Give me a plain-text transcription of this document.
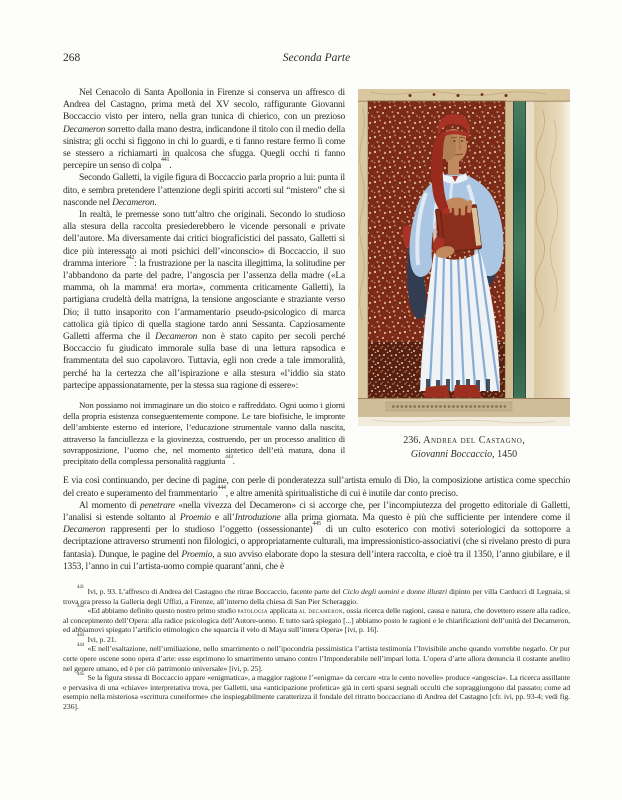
268	Seconda Parte
236. Andrea del Castagno,
Giovanni Boccaccio, 1450

Nel Cenacolo di Santa Apollonia in Firenze si conserva un affresco di Andrea del Castagno, prima metà del XV secolo, raffigurante Giovanni Boccaccio visto per intero, nella gran tunica di chierico, con un prezioso Decameron sorretto dalla mano destra, indicandone il titolo con il medio della sinistra; gli occhi si figgono in chi lo guardi, e ti fanno restare fermo lì come se stessero a richiamarti in qualcosa che sfugga. Quegli occhi ti fanno percepire un senso di colpa$^{441}$.

Secondo Galletti, la vigile figura di Boccaccio parla proprio a lui: punta il dito, e sembra pretendere l’attenzione degli spiriti accorti sul “mistero” che si nasconde nel Decameron.

In realtà, le premesse sono tutt’altro che originali. Secondo lo studioso alla stesura della raccolta presiederebbero le vicende personali e private dell’autore. Ma diversamente dai critici biograficistici del passato, Galletti si dice più interessato ai moti psichici dell’«inconscio» di Boccaccio, il suo dramma interiore$^{442}$: la frustrazione per la nascita illegittima, la solitudine per l’abbandono da parte del padre, l’angoscia per l’assenza della madre («La mamma, oh la mamma! era morta», commenta criticamente Galletti), la partigiana crudeltà della matrigna, la tensione angosciante e straziante verso Dio; il tutto insaporito con l’armamentario pseudo-psicologico di marca cattolica già tipico di quella stagione tardo anni Sessanta. Capziosamente Galletti afferma che il Decameron non è stato capito per secoli perché Boccaccio fu giudicato immorale sulla base di una lettura rapsodica e frammentata del suo capolavoro. Tuttavia, egli non crede a tale immoralità, perché ha la certezza che all’ispirazione e alla stesura «l’iddio sia stato partecipe appassionatamente, per la stessa sua ragione di essere»:

Non possiamo noi immaginare un dio stoico e raffreddato. Ogni uomo i giorni della propria esistenza conseguentemente compone. Le tare biofisiche, le impronte dell’ambiente esterno ed interiore, l’educazione strumentale vanno dalla nascita, attraverso la fanciullezza e la giovinezza, costruendo, per un processo analitico di sovrapposizione, l’uomo che, nel momento sintetico dell’età matura, dona il precipitato della complessa personalità raggiunta$^{443}$.

E via così continuando, per decine di pagine, con perle di ponderatezza sull’artista emulo di Dio, la composizione artistica come specchio del creato e superamento del frammentario$^{444}$, e altre amenità spiritualistiche di cui è inutile dar conto preciso.

Al momento di penetrare «nella vivezza del Decameron» ci si accorge che, per l’incompiutezza del progetto editoriale di Galletti, l’analisi si estende soltanto al Proemio e all’Introduzione alla prima giornata. Ma questo è più che sufficiente per intendere come il Decameron rappresenti per lo studioso l’oggetto (ossessionante)$^{445}$ di un culto esoterico con motivi soteriologici da sottoporre a decriptazione attraverso strumenti non filologici, o appropriatamente culturali, ma impressionistico-associativi (che si rivelano presto di pura fantasia). Dunque, le pagine del Proemio, a suo avviso elaborate dopo la stesura dell’intera raccolta, e cioè tra il 1350, l’anno giubilare, e il 1353, l’anno in cui l’artista-uomo compie quarant’anni, che è

$^{441}$ Ivi, p. 93. L’affresco di Andrea del Castagno che ritrae Boccaccio, facente parte del Ciclo degli uomini e donne illustri dipinto per villa Carducci di Legnaia, si trova ora presso la Galleria degli Uffizi, a Firenze, all’interno della chiesa di San Pier Scheraggio.

$^{442}$ «Ed abbiamo definito questo nostro primo studio patologia applicata al decameron, ossia ricerca delle ragioni, causa e natura, che dovettero essere alla radice, al concepimento dell’Opera: alla radice psicologica dell’Autore-uomo. E tutto sarà spiegato [...] abbiamo posto le ragioni e le chiarificazioni dell’unità del Decameron, ed abbiamovi spiegato l’artificio etimologico che squarcia il velo di Maya sull’intera Opera» [ivi, p. 16].

$^{443}$ Ivi, p. 21.

$^{444}$ «E nell’esaltazione, nell’umiliazione, nello smarrimento o nell’ipocondria pessimistica l’artista testimonia l’Invisibile anche quando vorrebbe negarlo. Or pur certe opere oscene sono opera d’arte: esse esprimono lo smarrimento umano contro l’Imponderabile nell’impari lotta. L’opera d’arte allora denuncia il costante anelito nel genere umano, ed è per ciò patrimonio universale» [ivi, p. 25].

$^{445}$ Se la figura stessa di Boccaccio appare «enigmatica», a maggior ragione l’«enigma» da cercare «tra le cento novelle» produce «angoscia». La ricerca assillante e pervasiva di una «chiave» interpretativa trova, per Galletti, una «anticipazione profetica» già in certi sparsi segnali occulti che sopraggiungono dal passato; come ad esempio nella misteriosa «scrittura cuneiforme» che inspiegabilmente caratterizza il fondale del ritratto boccacciano di Andrea del Castagno [cfr. ivi, pp. 93-4; vedi fig. 236].
